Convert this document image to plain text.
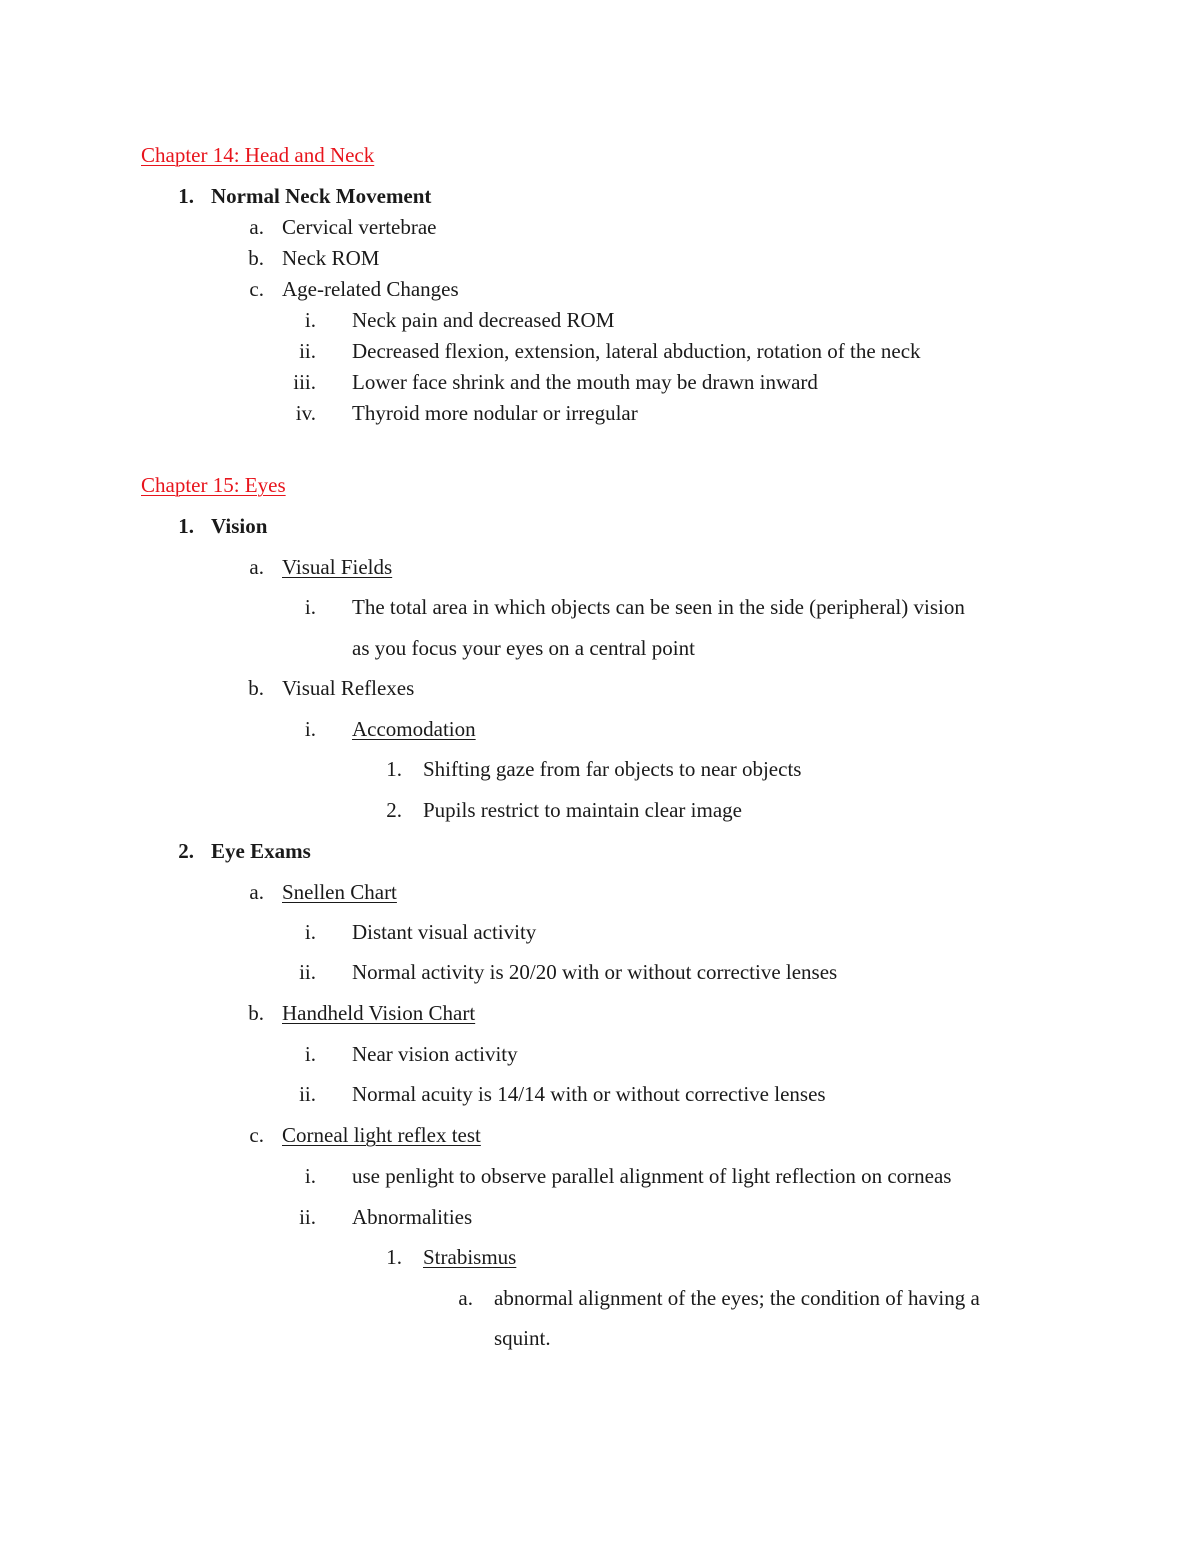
Chapter 14: Head and Neck
1. Normal Neck Movement
a. Cervical vertebrae
b. Neck ROM
c. Age-related Changes
i. Neck pain and decreased ROM
ii. Decreased flexion, extension, lateral abduction, rotation of the neck
iii. Lower face shrink and the mouth may be drawn inward
iv. Thyroid more nodular or irregular
Chapter 15: Eyes
1. Vision
a. Visual Fields
i. The total area in which objects can be seen in the side (peripheral) vision
as you focus your eyes on a central point
b. Visual Reflexes
i. Accomodation
1. Shifting gaze from far objects to near objects
2. Pupils restrict to maintain clear image
2. Eye Exams
a. Snellen Chart
i. Distant visual activity
ii. Normal activity is 20/20 with or without corrective lenses
b. Handheld Vision Chart
i. Near vision activity
ii. Normal acuity is 14/14 with or without corrective lenses
c. Corneal light reflex test
i. use penlight to observe parallel alignment of light reflection on corneas
ii. Abnormalities
1. Strabismus
a. abnormal alignment of the eyes; the condition of having a
squint.
